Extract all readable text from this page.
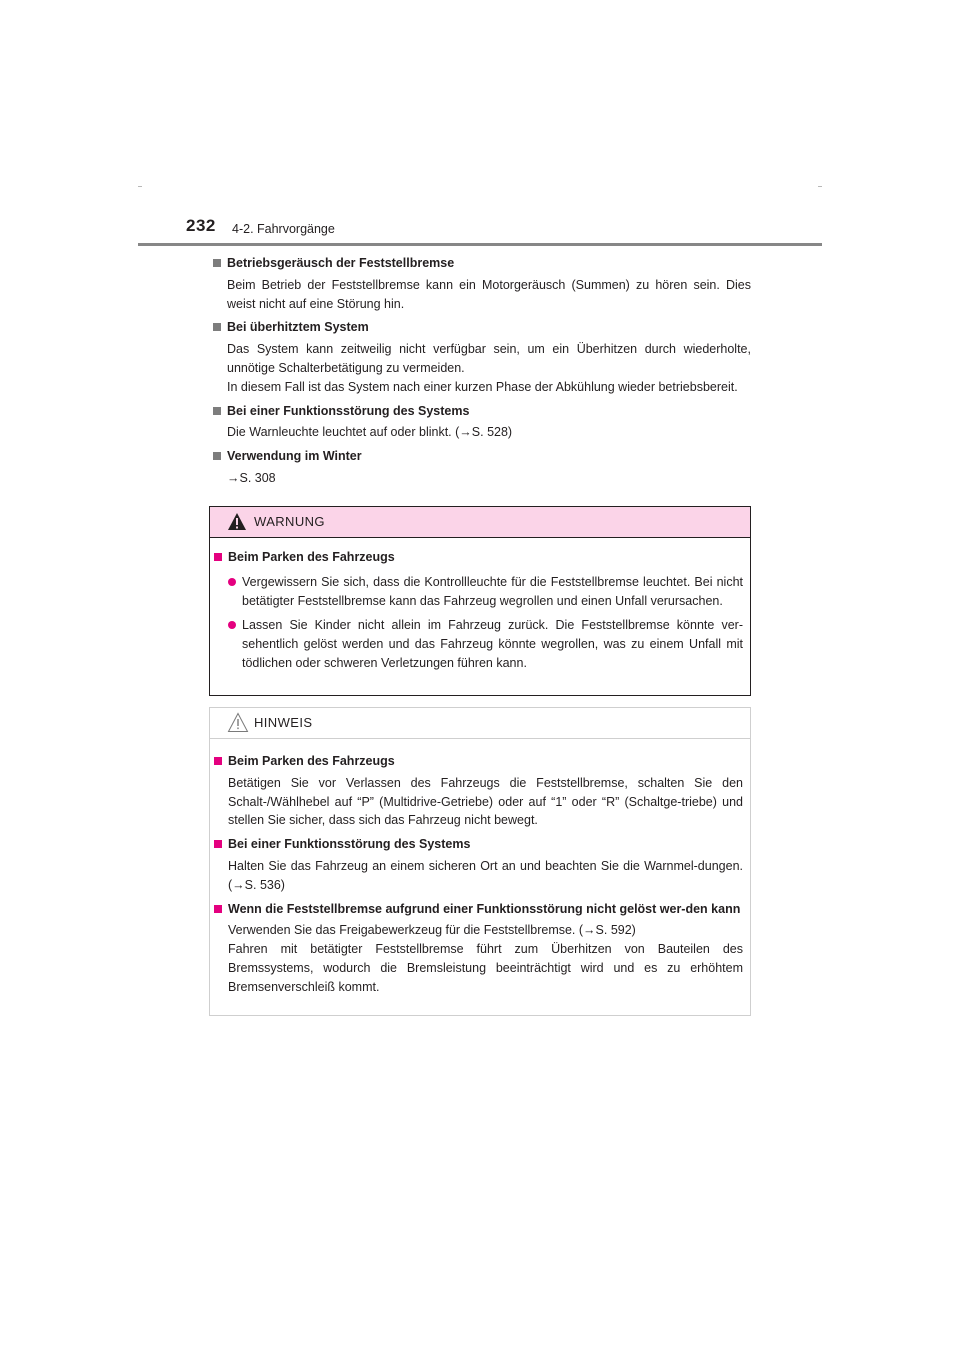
232 4-2. Fahrvorgänge
Betriebsgeräusch der Feststellbremse

Beim Betrieb der Feststellbremse kann ein Motorgeräusch (Summen) zu hören sein. Dies weist nicht auf eine Störung hin.

Bei überhitztem System

Das System kann zeitweilig nicht verfügbar sein, um ein Überhitzen durch wiederholte, unnötige Schalterbetätigung zu vermeiden.

In diesem Fall ist das System nach einer kurzen Phase der Abkühlung wieder betriebsbereit.

Bei einer Funktionsstörung des Systems

Die Warnleuchte leuchtet auf oder blinkt. (→S. 528)

Verwendung im Winter

→S. 308

WARNUNG
Beim Parken des Fahrzeugs
Vergewissern Sie sich, dass die Kontrollleuchte für die Feststellbremse leuchtet. Bei nicht betätigter Feststellbremse kann das Fahrzeug wegrollen und einen Unfall verursachen.
Lassen Sie Kinder nicht allein im Fahrzeug zurück. Die Feststellbremse könnte ver-sehentlich gelöst werden und das Fahrzeug könnte wegrollen, was zu einem Unfall mit tödlichen oder schweren Verletzungen führen kann.
HINWEIS
Beim Parken des Fahrzeugs

Betätigen Sie vor Verlassen des Fahrzeugs die Feststellbremse, schalten Sie den Schalt-/Wählhebel auf “P” (Multidrive-Getriebe) oder auf “1” oder “R” (Schaltge-triebe) und stellen Sie sicher, dass sich das Fahrzeug nicht bewegt.

Bei einer Funktionsstörung des Systems

Halten Sie das Fahrzeug an einem sicheren Ort an und beachten Sie die Warnmel-dungen. (→S. 536)

Wenn die Feststellbremse aufgrund einer Funktionsstörung nicht gelöst wer-den kann

Verwenden Sie das Freigabewerkzeug für die Feststellbremse. (→S. 592)

Fahren mit betätigter Feststellbremse führt zum Überhitzen von Bauteilen des Bremssystems, wodurch die Bremsleistung beeinträchtigt wird und es zu erhöhtem Bremsenverschleiß kommt.
